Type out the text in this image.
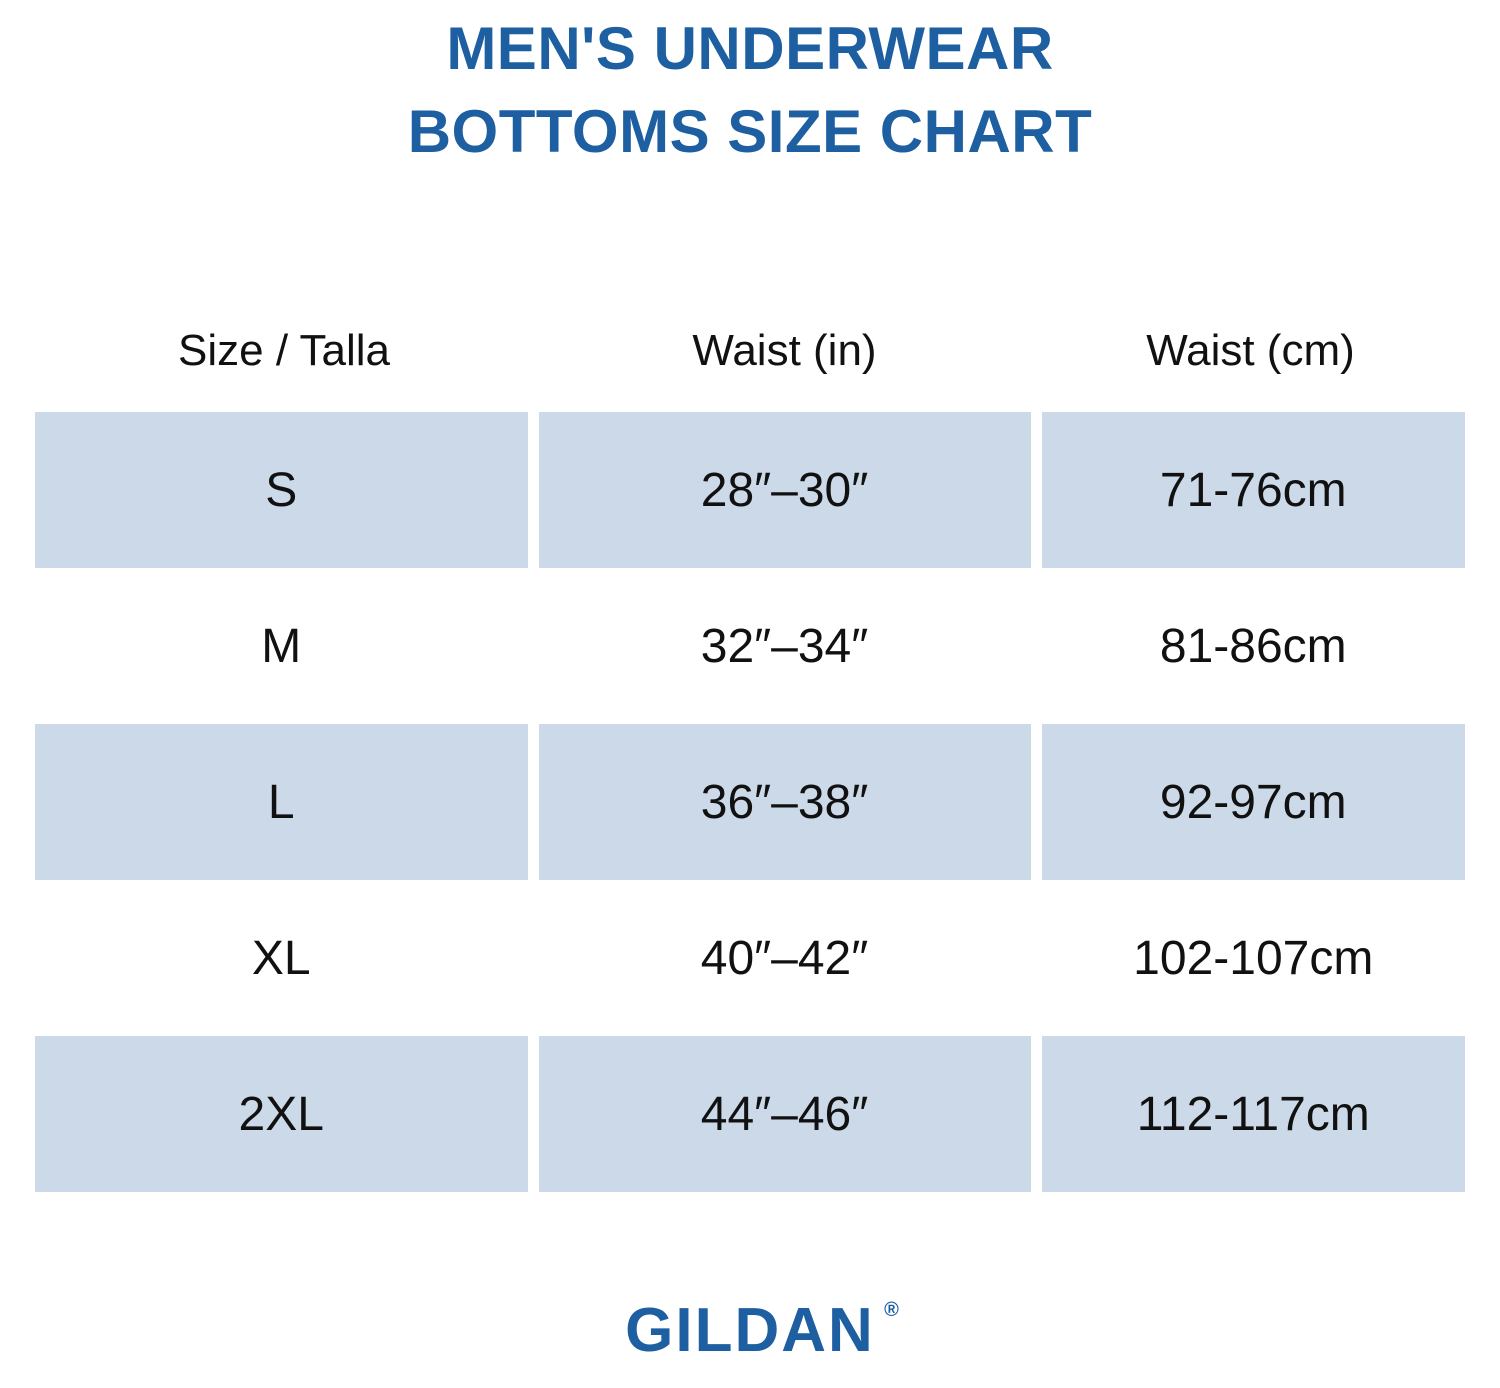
MEN'S UNDERWEAR
BOTTOMS SIZE CHART
Size / Talla	Waist (in)	Waist (cm)
S	28″–30″	71-76cm
M	32″–34″	81-86cm
L	36″–38″	92-97cm
XL	40″–42″	102-107cm
2XL	44″–46″	112-117cm
GILDAN ®
